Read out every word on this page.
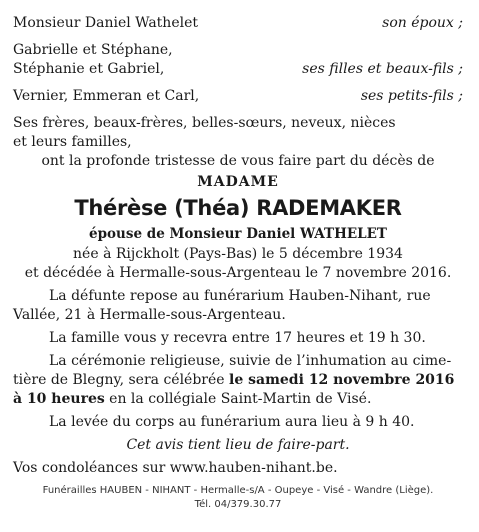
Monsieur Daniel Wathelet	son époux ;
Gabrielle et Stéphane,
Stéphanie et Gabriel,	ses filles et beaux-fils ;
Vernier, Emmeran et Carl,	ses petits-fils ;
Ses frères, beaux-frères, belles-sœurs, neveux, nièces
et leurs familles,
ont la profonde tristesse de vous faire part du décès de
MADAME
Thérèse (Théa) RADEMAKER
épouse de Monsieur Daniel WATHELET
née à Rijckholt (Pays-Bas) le 5 décembre 1934
et décédée à Hermalle-sous-Argenteau le 7 novembre 2016.
La défunte repose au funérarium Hauben-Nihant, rue Vallée, 21 à Hermalle-sous-Argenteau.
La famille vous y recevra entre 17 heures et 19 h 30.
La cérémonie religieuse, suivie de l’inhumation au cime- tière de Blegny, sera célébrée le samedi 12 novembre 2016 à 10 heures en la collégiale Saint-Martin de Visé.
La levée du corps au funérarium aura lieu à 9 h 40.
Cet avis tient lieu de faire-part.
Vos condoléances sur www.hauben-nihant.be.
Funérailles HAUBEN - NIHANT - Hermalle-s/A - Oupeye - Visé - Wandre (Liège).
Tél. 04/379.30.77
